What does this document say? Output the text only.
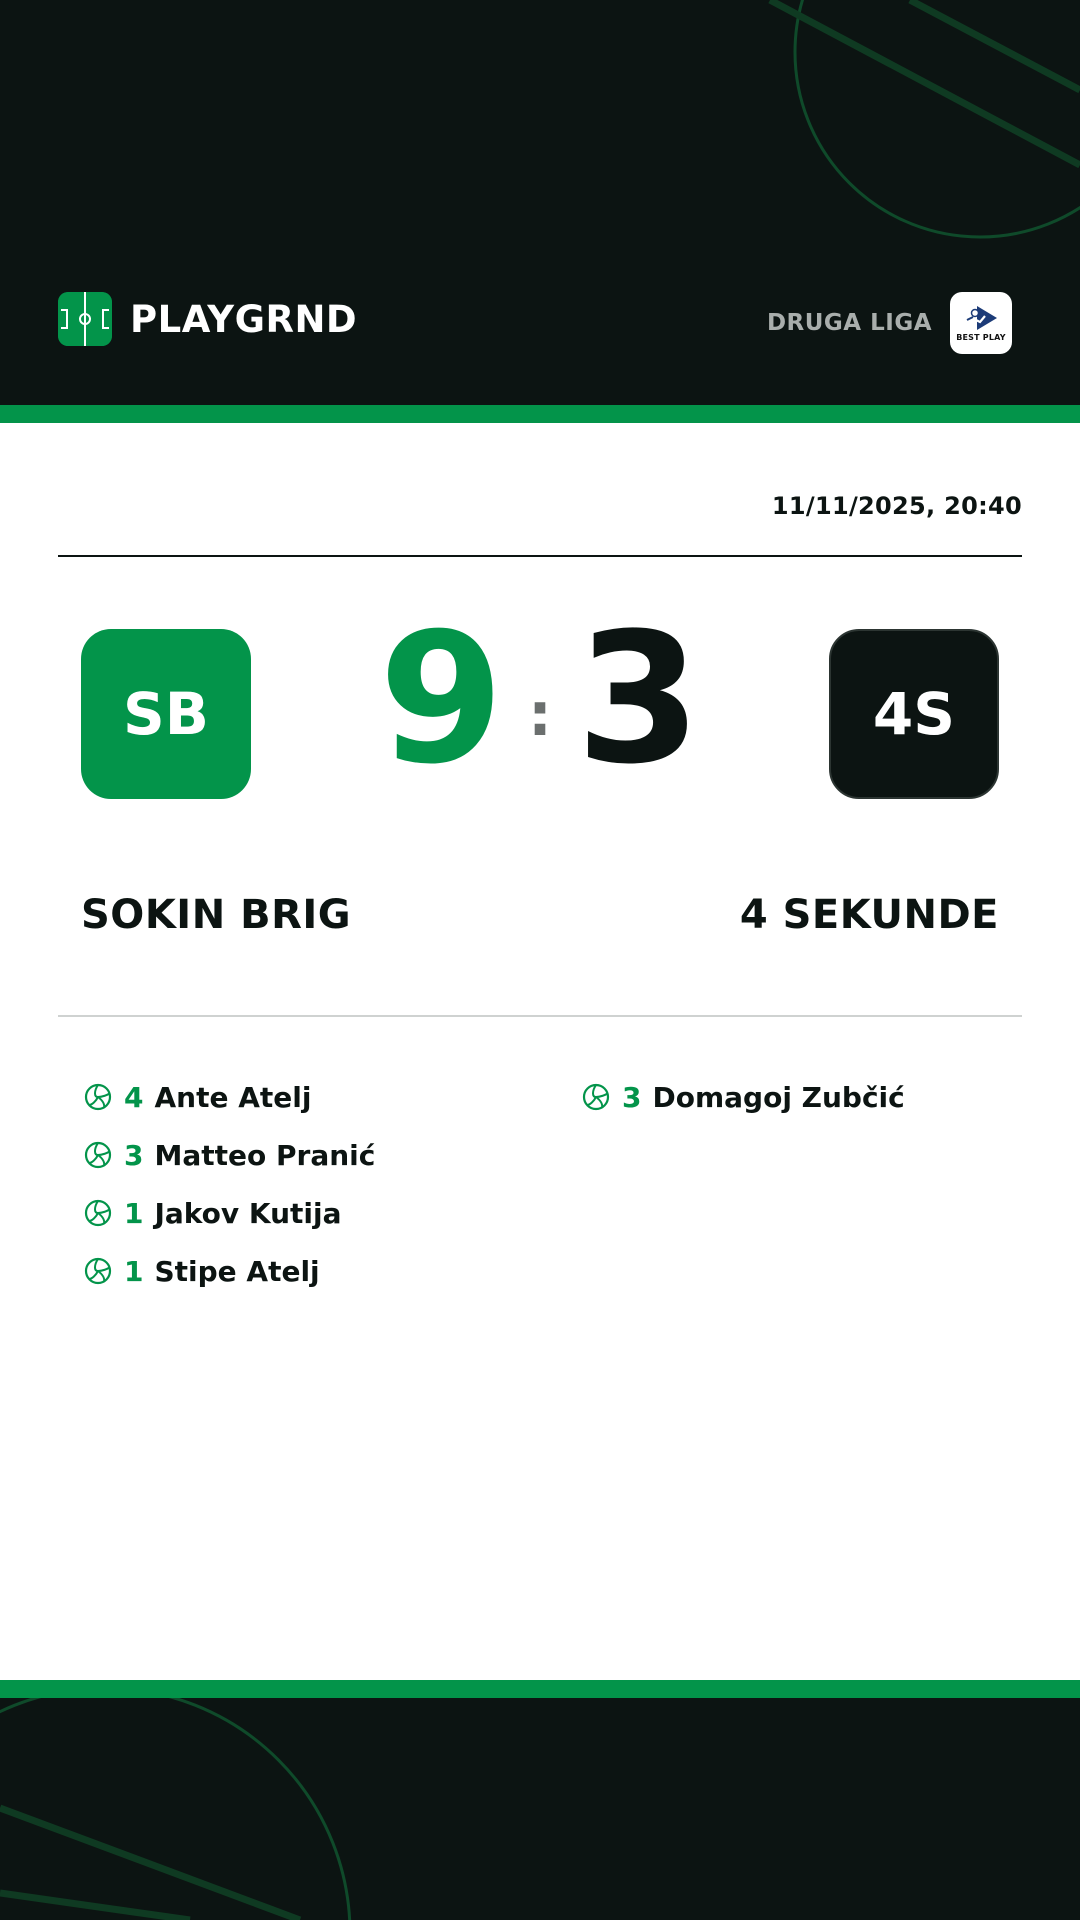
PLAYGRND	DRUGA LIGA
BEST PLAY
11/11/2025, 20:40
SB 9 : 3	4S
SOKIN BRIG	4 SEKUNDE
4 Ante Atelj
3 Matteo Pranić
1 Jakov Kutija
1 Stipe Atelj
3 Domagoj Zubčić
